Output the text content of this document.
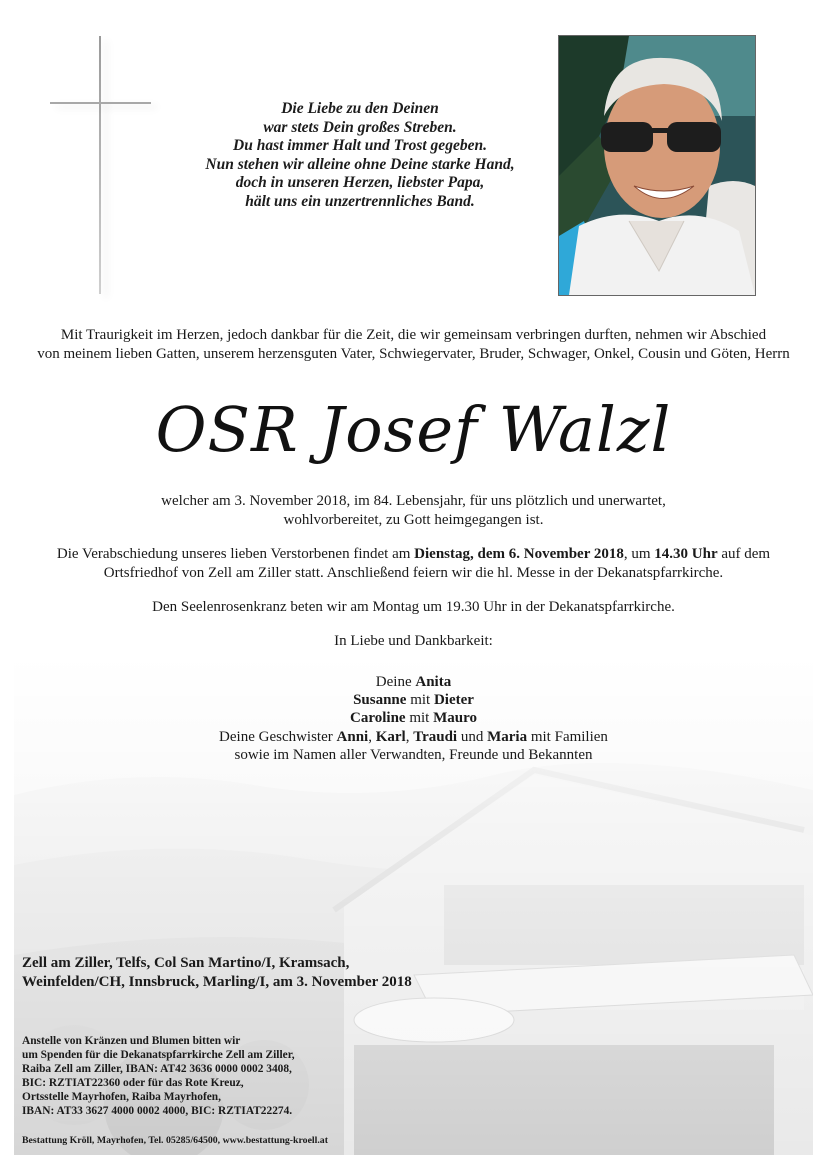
Die Liebe zu den Deinen
war stets Dein großes Streben.
Du hast immer Halt und Trost gegeben.
Nun stehen wir alleine ohne Deine starke Hand,
doch in unseren Herzen, liebster Papa,
hält uns ein unzertrennliches Band.
Mit Traurigkeit im Herzen, jedoch dankbar für die Zeit, die wir gemeinsam verbringen durften, nehmen wir Abschied
von meinem lieben Gatten, unserem herzensguten Vater, Schwiegervater, Bruder, Schwager, Onkel, Cousin und Göten, Herrn
OSR Josef Walzl

welcher am 3. November 2018, im 84. Lebensjahr, für uns plötzlich und unerwartet,
wohlvorbereitet, zu Gott heimgegangen ist.

Die Verabschiedung unseres lieben Verstorbenen findet am Dienstag, dem 6. November 2018, um 14.30 Uhr auf dem
Ortsfriedhof von Zell am Ziller statt. Anschließend feiern wir die hl. Messe in der Dekanatspfarrkirche.

Den Seelenrosenkranz beten wir am Montag um 19.30 Uhr in der Dekanatspfarrkirche.

In Liebe und Dankbarkeit:

Deine Anita
Susanne mit Dieter
Caroline mit Mauro
Deine Geschwister Anni, Karl, Traudi und Maria mit Familien
sowie im Namen aller Verwandten, Freunde und Bekannten
Zell am Ziller, Telfs, Col San Martino/I, Kramsach,
Weinfelden/CH, Innsbruck, Marling/I, am 3. November 2018
Anstelle von Kränzen und Blumen bitten wir
um Spenden für die Dekanatspfarrkirche Zell am Ziller,
Raiba Zell am Ziller, IBAN: AT42 3636 0000 0002 3408,
BIC: RZTIAT22360 oder für das Rote Kreuz,
Ortsstelle Mayrhofen, Raiba Mayrhofen,
IBAN: AT33 3627 4000 0002 4000, BIC: RZTIAT22274.
Bestattung Kröll, Mayrhofen, Tel. 05285/64500, www.bestattung-kroell.at
